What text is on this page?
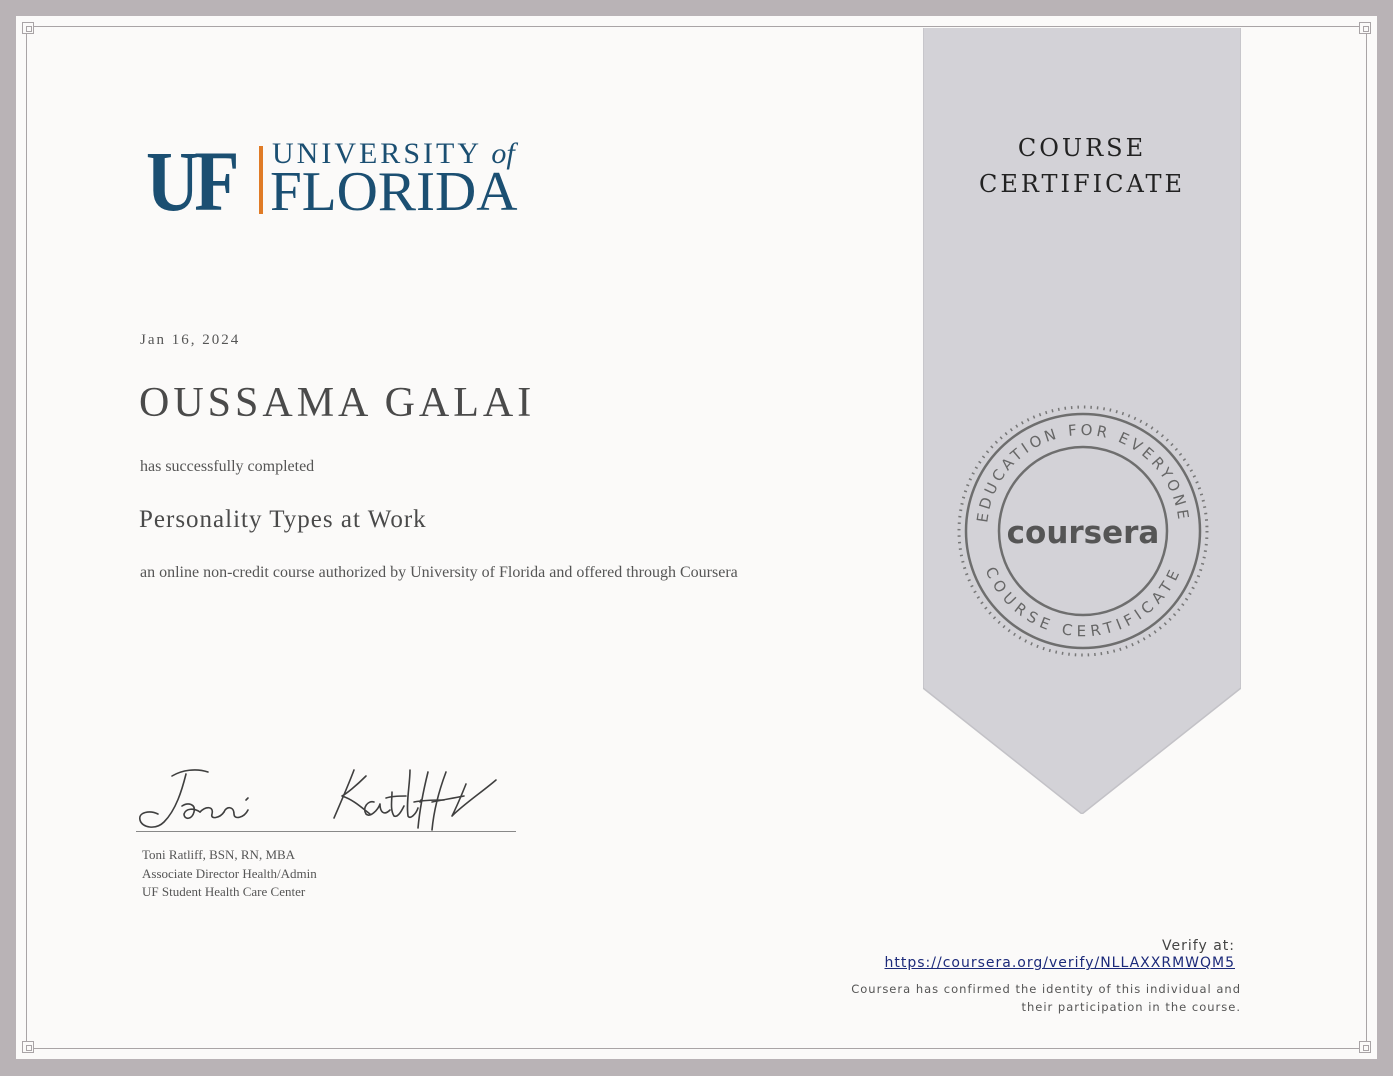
UF UNIVERSITY of
FLORIDA
Jan 16, 2024
OUSSAMA GALAI
has successfully completed
Personality Types at Work
an online non-credit course authorized by University of Florida and offered through Coursera
Toni Ratliff, BSN, RN, MBA
Associate Director Health/Admin
UF Student Health Care Center
COURSE
CERTIFICATE
EDUCATION FOR EVERYONE
COURSE CERTIFICATE
coursera
Verify at:
https://coursera.org/verify/NLLAXXRMWQM5
Coursera has confirmed the identity of this individual and their participation in the course.
